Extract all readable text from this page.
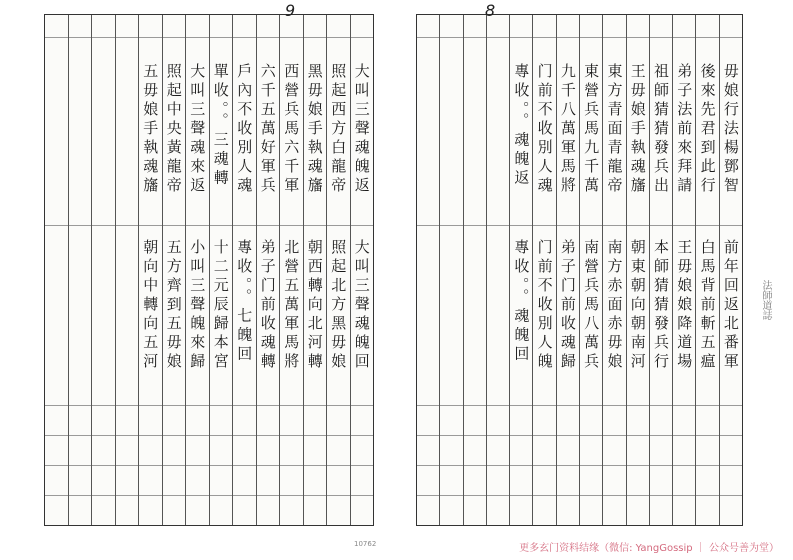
9
大叫三聲魂魄返
大叫三聲魂魄回
照起西方白龍帝
照起北方黑毋娘
黑毋娘手執魂旛
朝西轉向北河轉
西營兵馬六千軍
北營五萬軍馬將
六千五萬好軍兵
弟子门前收魂轉
戶內不收別人魂
專收。。七魄回
單收。。三魂轉
十二元辰歸本宮
大叫三聲魂來返
小叫三聲魄來歸
照起中央黃龍帝
五方齊到五毋娘
五毋娘手執魂旛
朝向中轉向五河
8
毋娘行法楊鄧智
前年回返北番軍
後來先君到此行
白馬背前斬五瘟
弟子法前來拜請
王毋娘娘降道場
祖師猜猜發兵出
本師猜猜發兵行
王毋娘手執魂旛
朝東朝向朝南河
東方青面青龍帝
南方赤面赤毋娘
東營兵馬九千萬
南營兵馬八萬兵
九千八萬軍馬將
弟子门前收魂歸
门前不收別人魂
门前不收別人魄
專收。。魂魄返
專收。。魂魄回	法師道誌
10762	更多玄门资料结缘（微信: YangGossip ｜ 公众号善为堂）
